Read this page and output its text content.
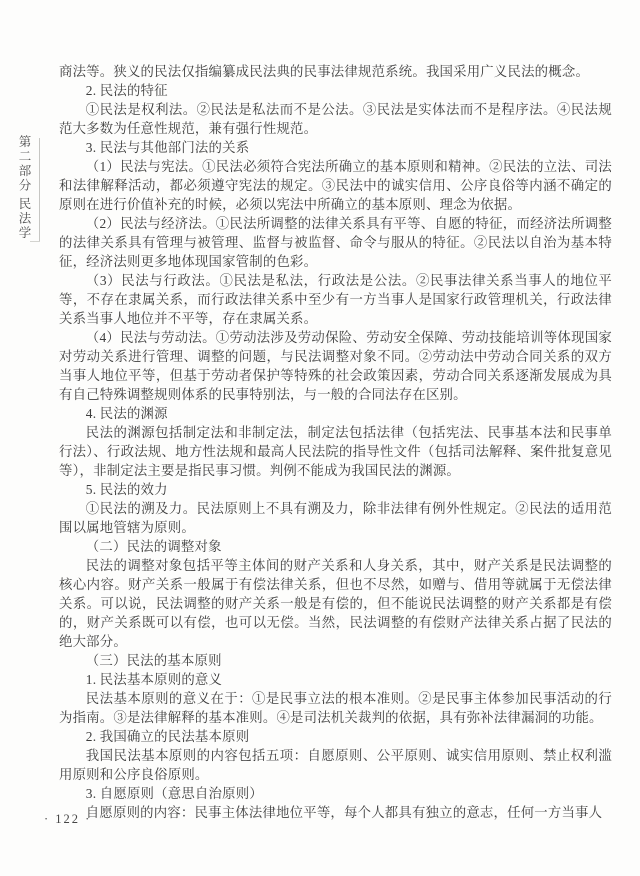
第二部分
民法学

商法等。狭义的民法仅指编纂成民法典的民事法律规范系统。我国采用广义民法的概念。

2. 民法的特征

①民法是权利法。②民法是私法而不是公法。③民法是实体法而不是程序法。④民法规范大多数为任意性规范，兼有强行性规范。

3. 民法与其他部门法的关系

（1）民法与宪法。①民法必须符合宪法所确立的基本原则和精神。②民法的立法、司法和法律解释活动，都必须遵守宪法的规定。③民法中的诚实信用、公序良俗等内涵不确定的原则在进行价值补充的时候，必须以宪法中所确立的基本原则、理念为依据。

（2）民法与经济法。①民法所调整的法律关系具有平等、自愿的特征，而经济法所调整的法律关系具有管理与被管理、监督与被监督、命令与服从的特征。②民法以自治为基本特征，经济法则更多地体现国家管制的色彩。

（3）民法与行政法。①民法是私法，行政法是公法。②民事法律关系当事人的地位平等，不存在隶属关系，而行政法律关系中至少有一方当事人是国家行政管理机关，行政法律关系当事人地位并不平等，存在隶属关系。

（4）民法与劳动法。①劳动法涉及劳动保险、劳动安全保障、劳动技能培训等体现国家对劳动关系进行管理、调整的问题，与民法调整对象不同。②劳动法中劳动合同关系的双方当事人地位平等，但基于劳动者保护等特殊的社会政策因素，劳动合同关系逐渐发展成为具有自己特殊调整规则体系的民事特别法，与一般的合同法存在区别。

4. 民法的渊源

民法的渊源包括制定法和非制定法，制定法包括法律（包括宪法、民事基本法和民事单行法）、行政法规、地方性法规和最高人民法院的指导性文件（包括司法解释、案件批复意见等），非制定法主要是指民事习惯。判例不能成为我国民法的渊源。

5. 民法的效力

①民法的溯及力。民法原则上不具有溯及力，除非法律有例外性规定。②民法的适用范围以属地管辖为原则。

（二）民法的调整对象

民法的调整对象包括平等主体间的财产关系和人身关系，其中，财产关系是民法调整的核心内容。财产关系一般属于有偿法律关系，但也不尽然，如赠与、借用等就属于无偿法律关系。可以说，民法调整的财产关系一般是有偿的，但不能说民法调整的财产关系都是有偿的，财产关系既可以有偿，也可以无偿。当然，民法调整的有偿财产法律关系占据了民法的绝大部分。

（三）民法的基本原则

1. 民法基本原则的意义

民法基本原则的意义在于：①是民事立法的根本准则。②是民事主体参加民事活动的行为指南。③是法律解释的基本准则。④是司法机关裁判的依据，具有弥补法律漏洞的功能。

2. 我国确立的民法基本原则

我国民法基本原则的内容包括五项：自愿原则、公平原则、诚实信用原则、禁止权利滥用原则和公序良俗原则。

3. 自愿原则（意思自治原则）

自愿原则的内容：民事主体法律地位平等，每个人都具有独立的意志，任何一方当事人

· 122 ·
